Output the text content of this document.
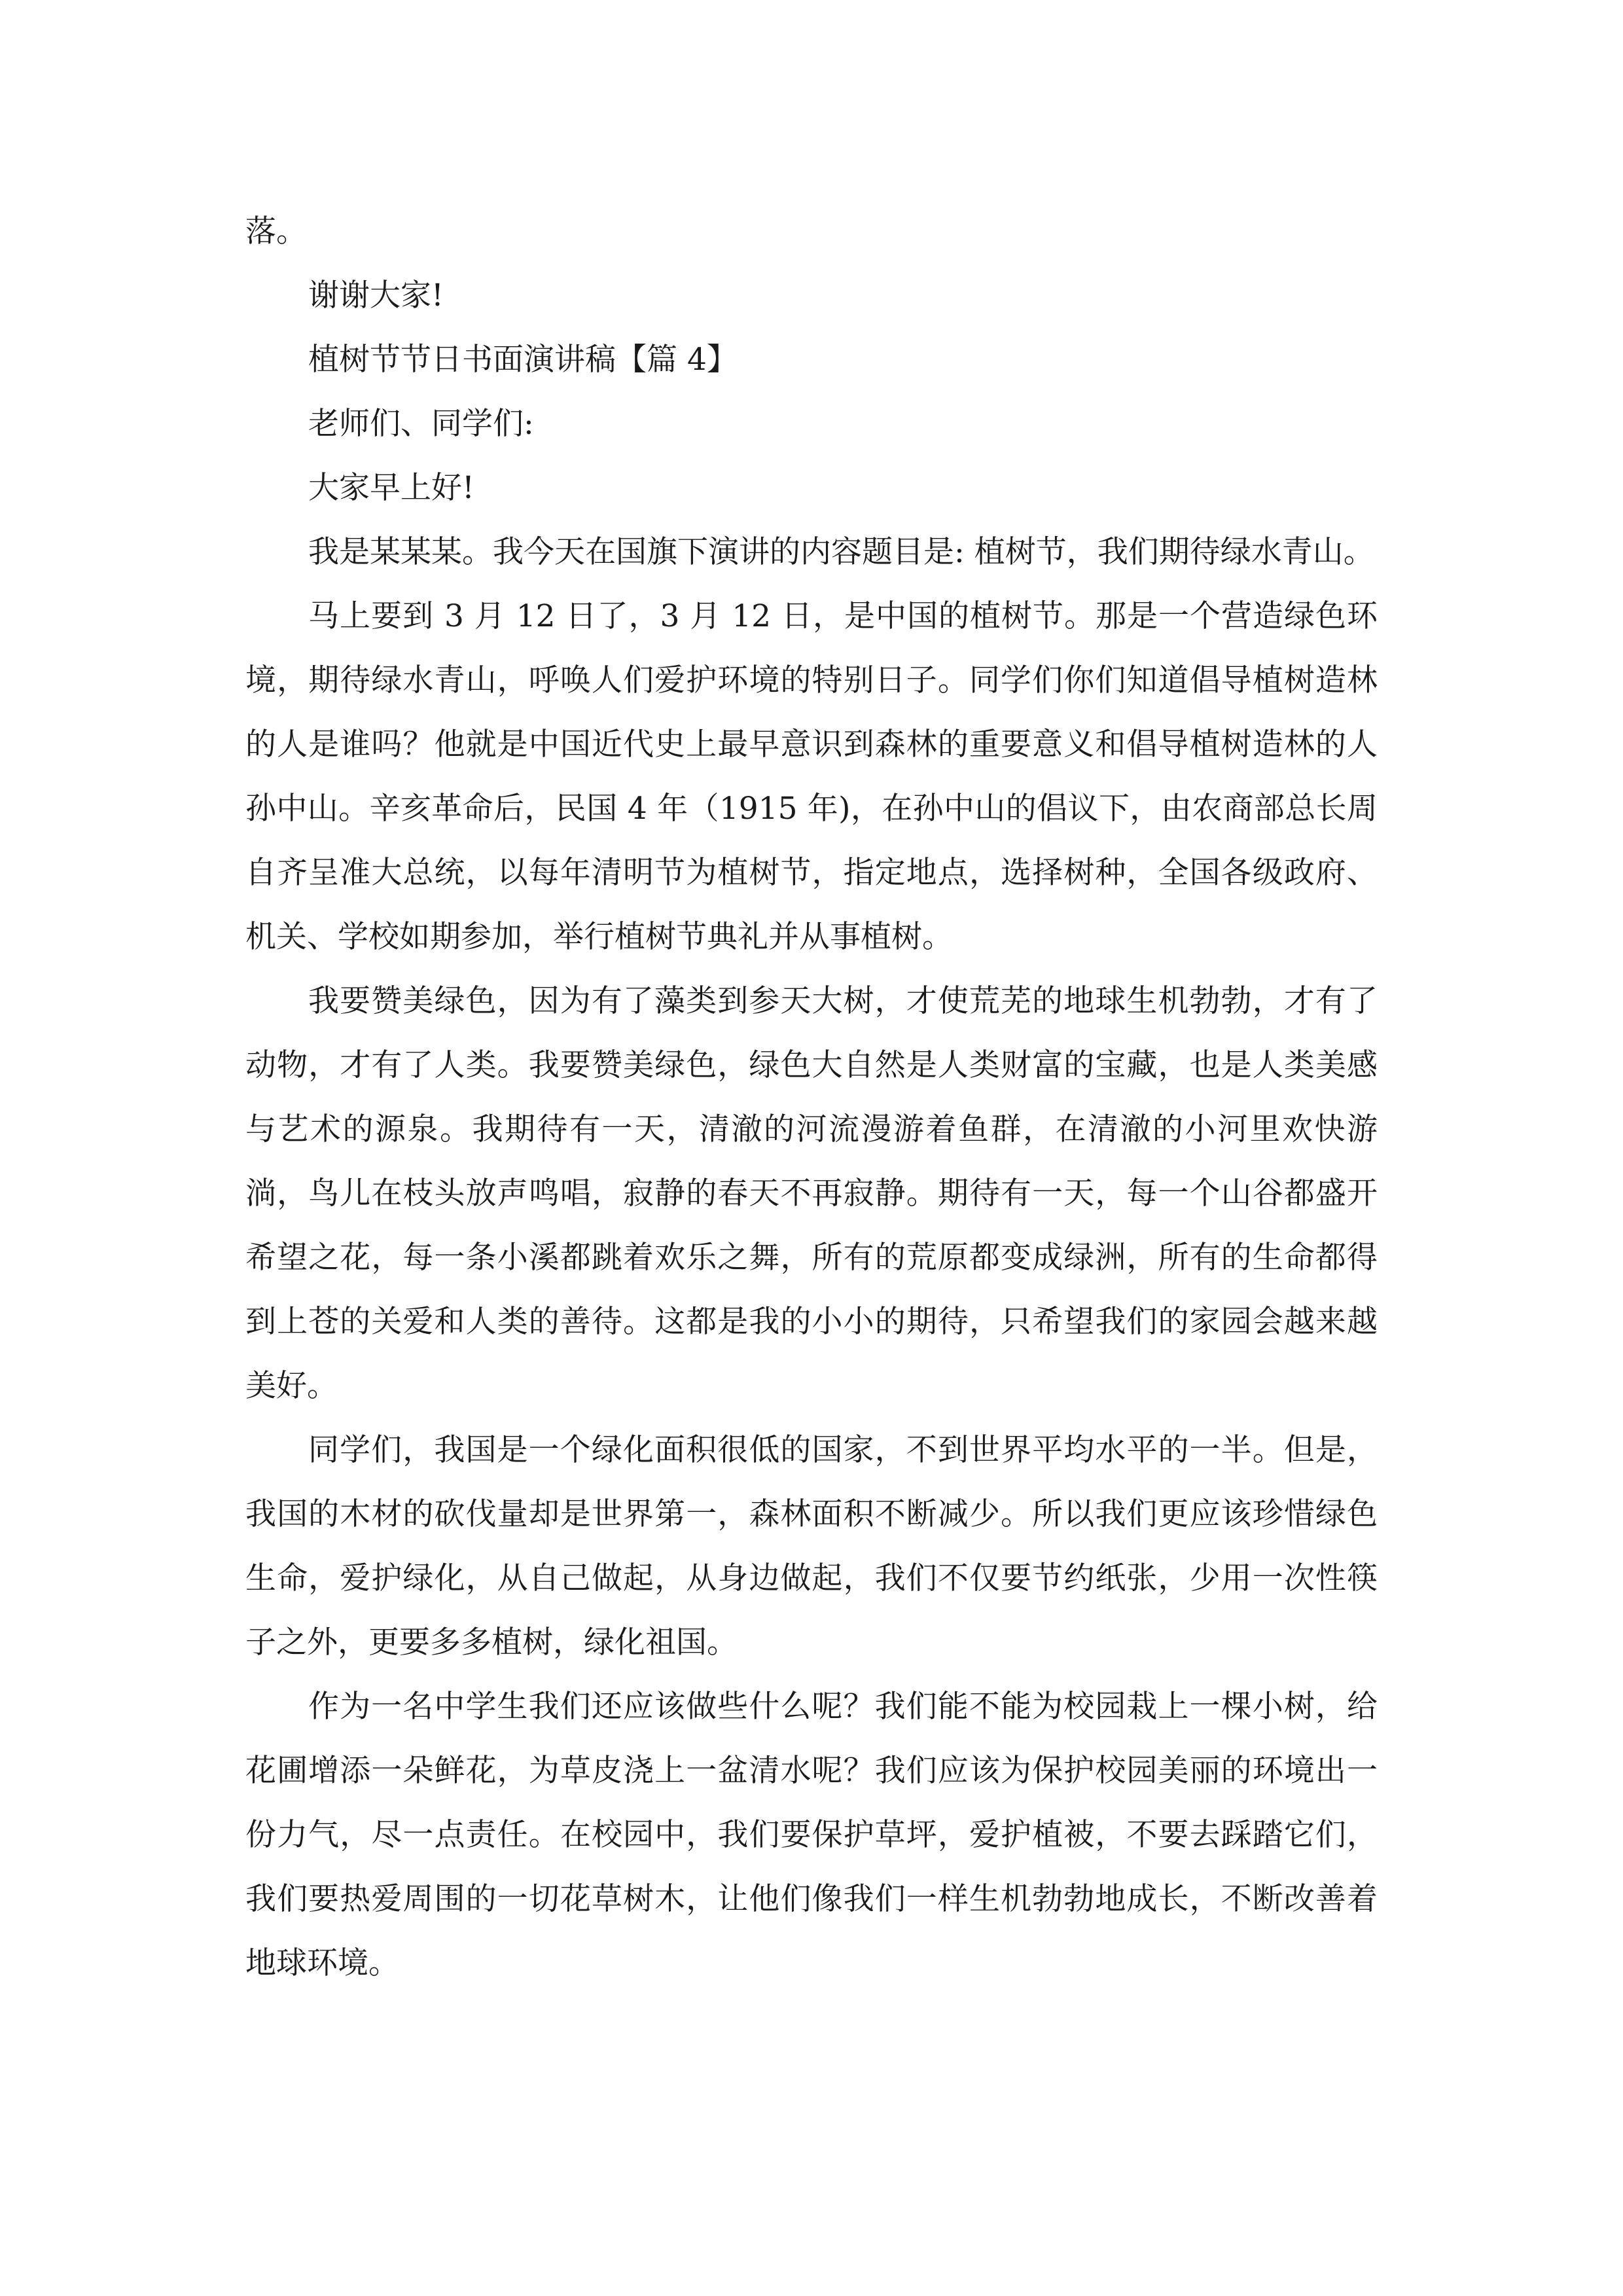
落。

谢谢大家!

植树节节日书面演讲稿【篇 4】

老师们、同学们:

大家早上好!

我是某某某。我今天在国旗下演讲的内容题目是: 植树节，我们期待绿水青山。

马上要到 3 月 12 日了，3 月 12 日，是中国的植树节。那是一个营造绿色环境，期待绿水青山，呼唤人们爱护环境的特别日子。同学们你们知道倡导植树造林的人是谁吗？他就是中国近代史上最早意识到森林的重要意义和倡导植树造林的人孙中山。辛亥革命后，民国 4 年（1915 年)，在孙中山的倡议下，由农商部总长周自齐呈准大总统，以每年清明节为植树节，指定地点，选择树种，全国各级政府、机关、学校如期参加，举行植树节典礼并从事植树。

我要赞美绿色，因为有了藻类到参天大树，才使荒芜的地球生机勃勃，才有了动物，才有了人类。我要赞美绿色，绿色大自然是人类财富的宝藏，也是人类美感与艺术的源泉。我期待有一天，清澈的河流漫游着鱼群，在清澈的小河里欢快游淌，鸟儿在枝头放声鸣唱，寂静的春天不再寂静。期待有一天，每一个山谷都盛开希望之花，每一条小溪都跳着欢乐之舞，所有的荒原都变成绿洲，所有的生命都得到上苍的关爱和人类的善待。这都是我的小小的期待，只希望我们的家园会越来越美好。

同学们，我国是一个绿化面积很低的国家，不到世界平均水平的一半。但是，我国的木材的砍伐量却是世界第一，森林面积不断减少。所以我们更应该珍惜绿色生命，爱护绿化，从自己做起，从身边做起，我们不仅要节约纸张，少用一次性筷子之外，更要多多植树，绿化祖国。

作为一名中学生我们还应该做些什么呢？我们能不能为校园栽上一棵小树，给花圃增添一朵鲜花，为草皮浇上一盆清水呢？我们应该为保护校园美丽的环境出一份力气，尽一点责任。在校园中，我们要保护草坪，爱护植被，不要去踩踏它们，我们要热爱周围的一切花草树木，让他们像我们一样生机勃勃地成长，不断改善着地球环境。
